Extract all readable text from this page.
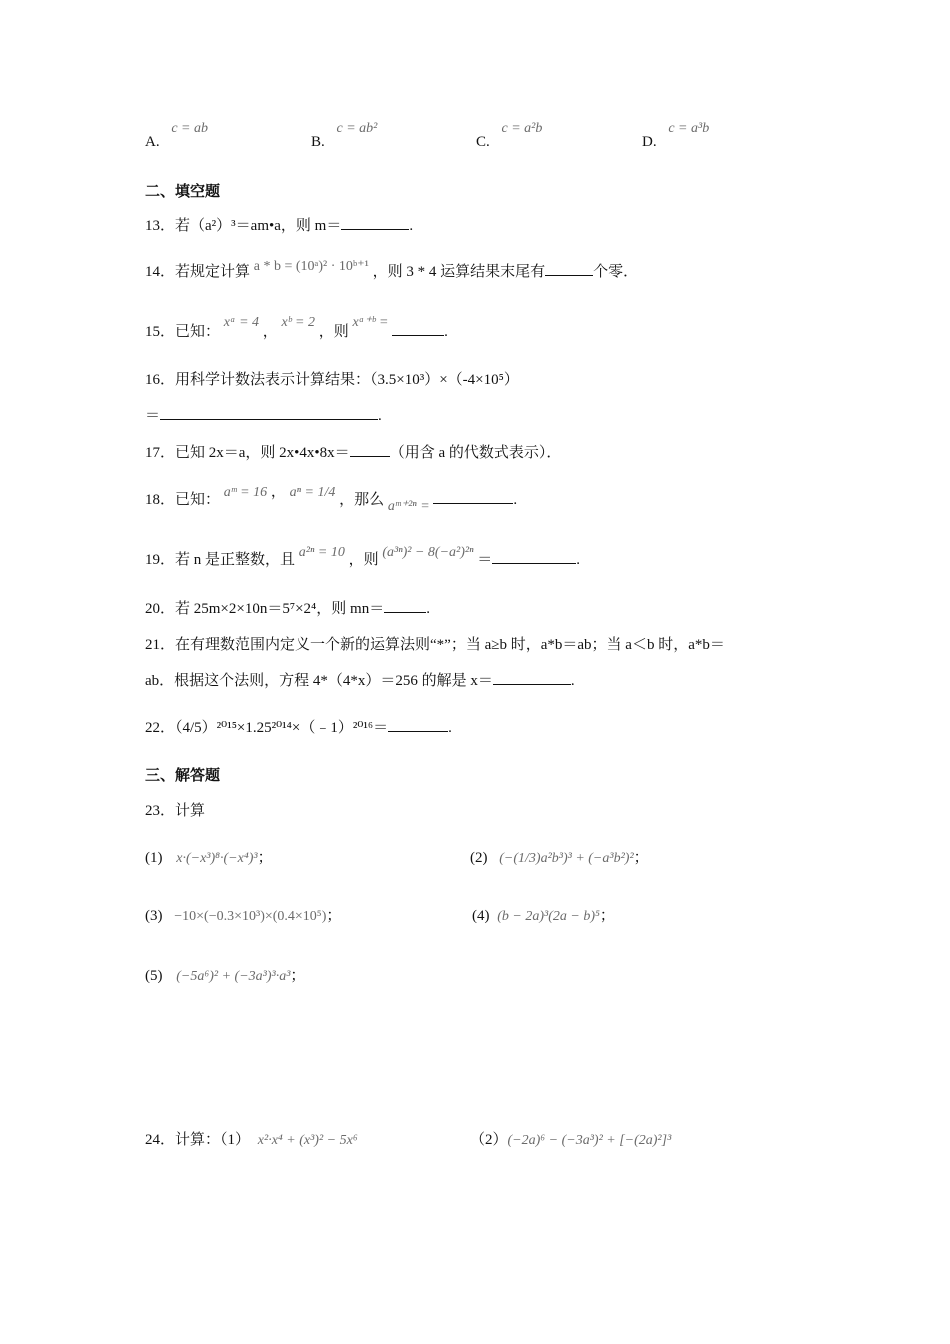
A. c = ab
B. c = ab²
C. c = a²b
D. c = a³b
二、填空题
13．若（a²）³＝am•a，则 m＝	.
14．若规定计算 a * b = (10ᵃ)² · 10ᵇ⁺¹ ，则 3 * 4 运算结果末尾有	个零．
15．已知： xᵃ = 4 ， xᵇ = 2 ，则 xᵃ⁺ᵇ = .
16．用科学计数法表示计算结果：（3.5×10³）×（-4×10⁵）
＝	.
17．已知 2x＝a，则 2x•4x•8x＝	（用含 a 的代数式表示）．
18．已知： aᵐ = 16 ， aⁿ = 1/4 ，那么 aᵐ⁺²ⁿ =	.
19．若 n 是正整数，且 a²ⁿ = 10 ，则 (a³ⁿ)² − 8(−a²)²ⁿ ＝	.
20．若 25m×2×10n＝5⁷×2⁴，则 mn＝	.
21．在有理数范围内定义一个新的运算法则“*”；当 a≥b 时，a*b＝ab；当 a＜b 时，a*b＝
ab．根据这个法则，方程 4*（4*x）＝256 的解是 x＝	.
22．（4/5）²⁰¹⁵×1.25²⁰¹⁴×（﹣1）²⁰¹⁶＝	.
三、解答题
23．计算
(1) x·(−x³)⁸·(−x⁴)³；	(2) (−(1/3)a²b³)³ + (−a³b²)²；
(3) −10×(−0.3×10³)×(0.4×10⁵)；	(4) (b − 2a)³(2a − b)⁵；
(5) (−5a⁶)² + (−3a³)³·a³；
24．计算：（1） x²·x⁴ + (x³)² − 5x⁶	（2）(−2a)⁶ − (−3a³)² + [−(2a)²]³
